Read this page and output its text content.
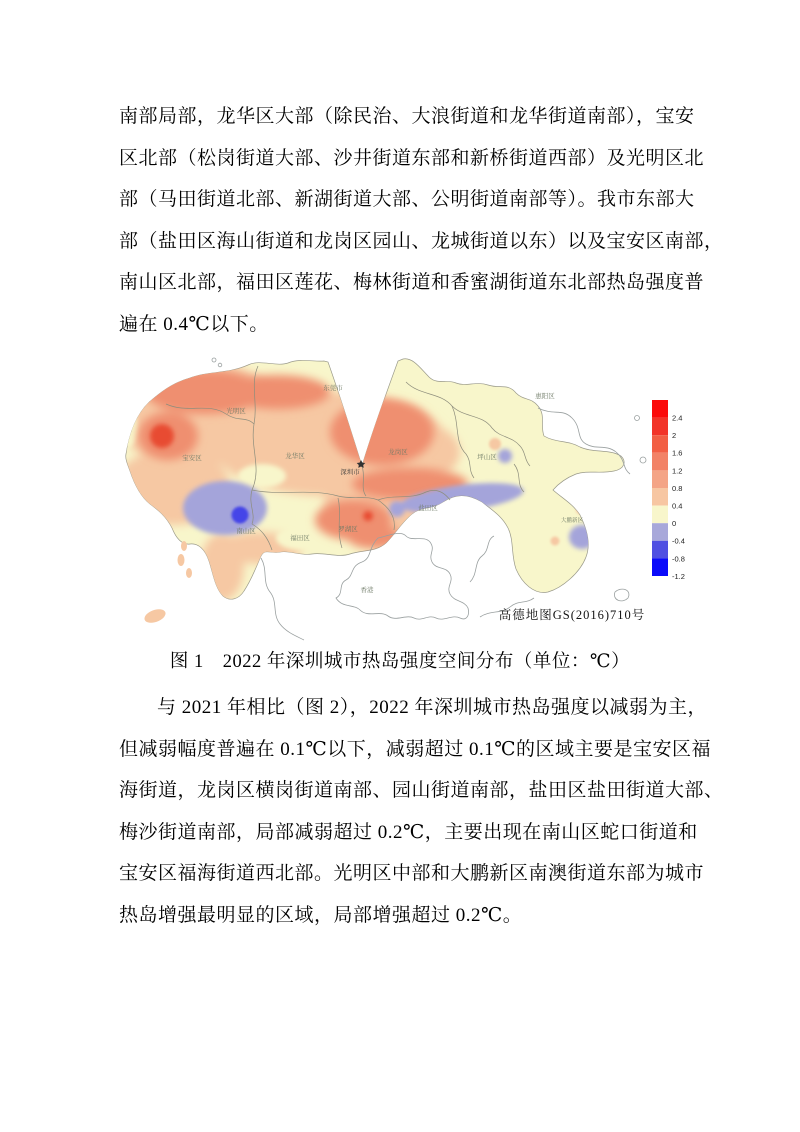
南部局部，龙华区大部（除民治、大浪街道和龙华街道南部），宝安
区北部（松岗街道大部、沙井街道东部和新桥街道西部）及光明区北
部（马田街道北部、新湖街道大部、公明街道南部等）。我市东部大
部（盐田区海山街道和龙岗区园山、龙城街道以东）以及宝安区南部，
南山区北部，福田区莲花、梅林街道和香蜜湖街道东北部热岛强度普
遍在 0.4℃以下。
东莞市
惠阳区
光明区
宝安区	龙华区
龙岗区
坪山区
盐田区
大鹏新区
南山区
福田区
罗湖区
香港
深圳市
2.4
2
1.6
1.2
0.8
0.4
0
-0.4
-0.8
-1.2
高德地图GS(2016)710号
图 1　2022 年深圳城市热岛强度空间分布（单位：℃）
与 2021 年相比（图 2），2022 年深圳城市热岛强度以减弱为主，
但减弱幅度普遍在 0.1℃以下，减弱超过 0.1℃的区域主要是宝安区福
海街道，龙岗区横岗街道南部、园山街道南部，盐田区盐田街道大部、
梅沙街道南部，局部减弱超过 0.2℃，主要出现在南山区蛇口街道和
宝安区福海街道西北部。光明区中部和大鹏新区南澳街道东部为城市
热岛增强最明显的区域，局部增强超过 0.2℃。
